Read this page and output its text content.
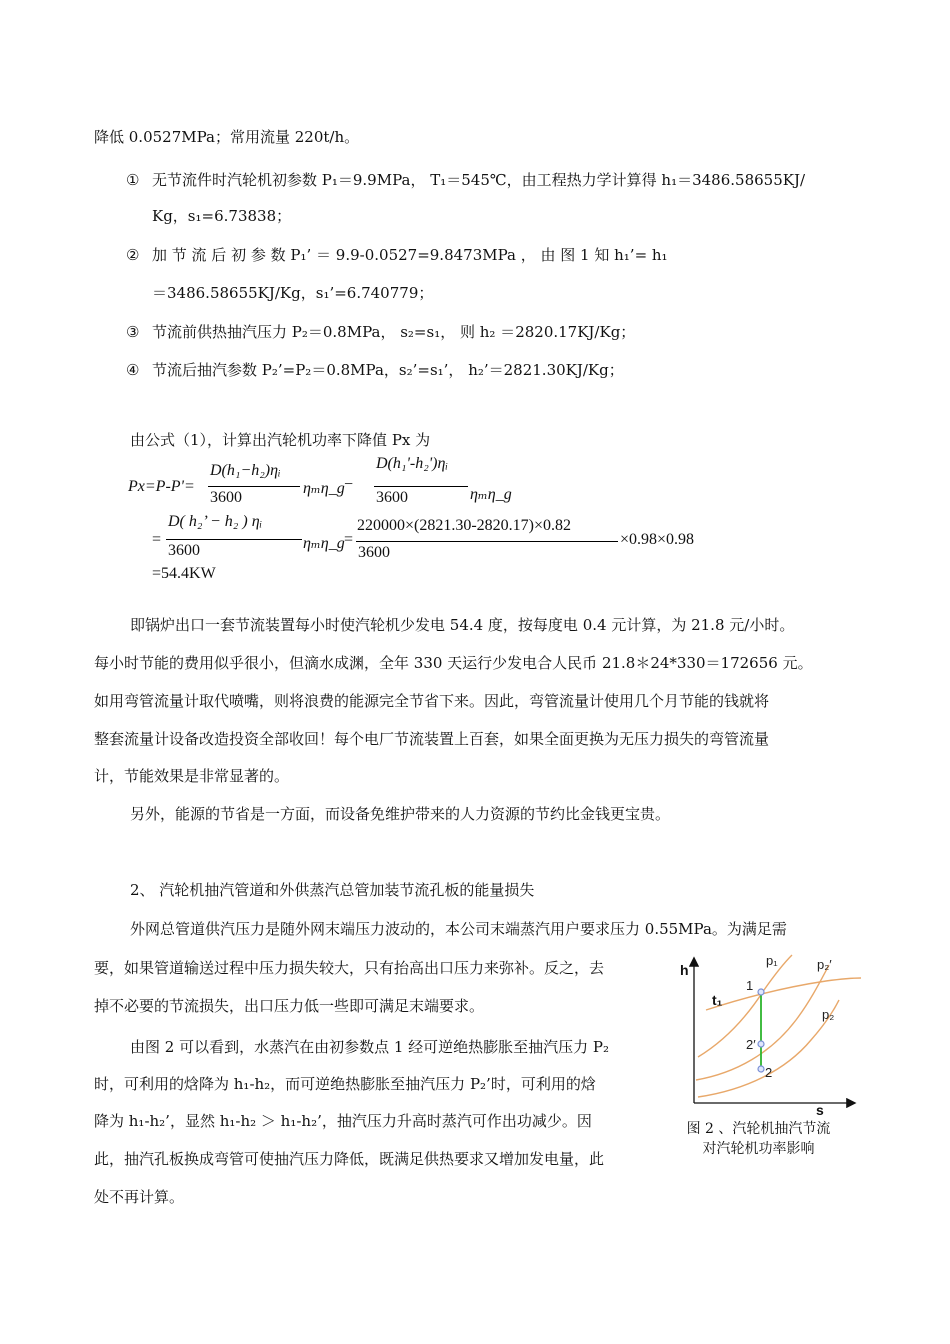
降低 0.0527MPa；常用流量 220t/h。
① 无节流件时汽轮机初参数 P₁＝9.9MPa， T₁＝545℃，由工程热力学计算得 h₁＝3486.58655KJ/
Kg，s₁=6.73838；
② 加 节 流 后 初 参 数 P₁’ ＝ 9.9-0.0527=9.8473MPa ， 由 图 1 知 h₁’= h₁
＝3486.58655KJ/Kg，s₁’=6.740779；
③ 节流前供热抽汽压力 P₂＝0.8MPa， s₂=s₁， 则 h₂ ＝2820.17KJ/Kg；
④ 节流后抽汽参数 P₂’=P₂＝0.8MPa，s₂’=s₁’， h₂’＝2821.30KJ/Kg；
由公式（1），计算出汽轮机功率下降值 Px 为
Px=P-P'=
D(h₁−h₂)ηᵢ
3600
ηₘη_g −
D(h₁'-h₂')ηᵢ
3600	ηₘη_g
=
D( h₂’ − h₂ ) ηᵢ
3600	ηₘη_g =
220000×(2821.30-2820.17)×0.82
3600
×0.98×0.98
=54.4KW
即锅炉出口一套节流装置每小时使汽轮机少发电 54.4 度，按每度电 0.4 元计算，为 21.8 元/小时。
每小时节能的费用似乎很小，但滴水成渊，全年 330 天运行少发电合人民币 21.8＊24*330＝172656 元。
如用弯管流量计取代喷嘴，则将浪费的能源完全节省下来。因此，弯管流量计使用几个月节能的钱就将
整套流量计设备改造投资全部收回！每个电厂节流装置上百套，如果全面更换为无压力损失的弯管流量
计，节能效果是非常显著的。
另外，能源的节省是一方面，而设备免维护带来的人力资源的节约比金钱更宝贵。
2、 汽轮机抽汽管道和外供蒸汽总管加装节流孔板的能量损失
外网总管道供汽压力是随外网末端压力波动的，本公司末端蒸汽用户要求压力 0.55MPa。为满足需
要，如果管道输送过程中压力损失较大，只有抬高出口压力来弥补。反之，去
掉不必要的节流损失，出口压力低一些即可满足末端要求。
由图 2 可以看到，水蒸汽在由初参数点 1 经可逆绝热膨胀至抽汽压力 P₂
时，可利用的焓降为 h₁-h₂，而可逆绝热膨胀至抽汽压力 P₂’时，可利用的焓
降为 h₁-h₂’，显然 h₁-h₂ ＞ h₁-h₂’，抽汽压力升高时蒸汽可作出功减少。因
此，抽汽孔板换成弯管可使抽汽压力降低，既满足供热要求又增加发电量，此
处不再计算。
h
s
p₁	p₂′
p₂
t₁
1
2′
2
图 2 、汽轮机抽汽节流
对汽轮机功率影响
